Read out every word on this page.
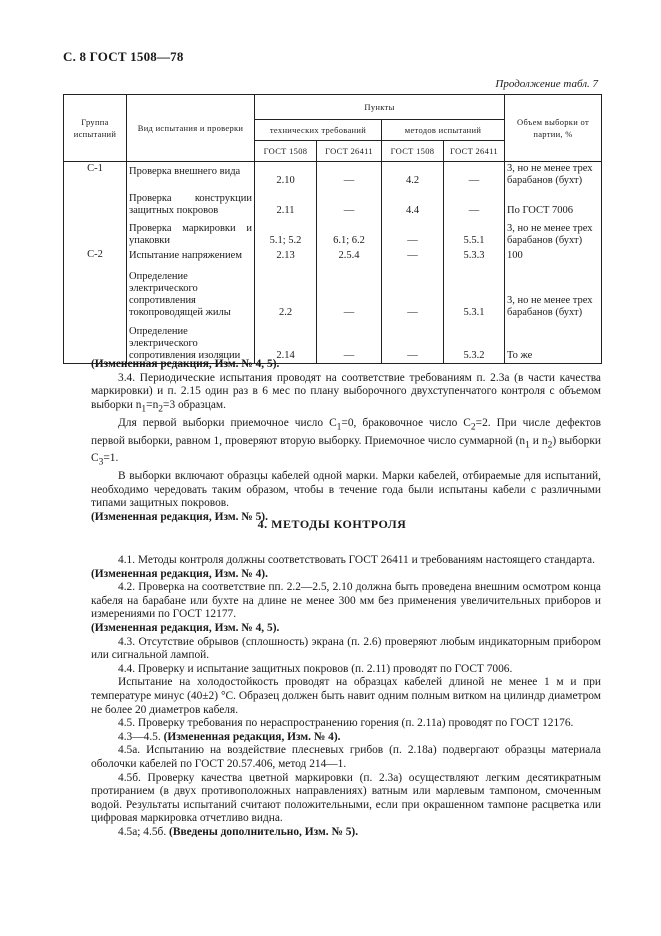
С. 8 ГОСТ 1508—78
Продолжение табл. 7
Группа испытаний	Вид испытания и проверки	Пункты				Объем выборки от партии, %
		технических требований		методов испытаний		
		ГОСТ 1508	ГОСТ 26411	ГОСТ 1508	ГОСТ 26411	
С-1	Проверка внешнего вида	2.10	—	4.2	—	3, но не менее трех барабанов (бухт)
	Проверка конструкции защитных покровов	2.11	—	4.4	—	По ГОСТ 7006
	Проверка маркировки и упаковки	5.1; 5.2	6.1; 6.2	—	5.5.1	3, но не менее трех барабанов (бухт)
С-2	Испытание напряжением	2.13	2.5.4	—	5.3.3	100
	Определение электрического сопротивления токопроводящей жилы	2.2	—	—	5.3.1	3, но не менее трех барабанов (бухт)
	Определение электрического сопротивления изоляции	2.14	—	—	5.3.2	То же

(Измененная редакция, Изм. № 4, 5).

3.4. Периодические испытания проводят на соответствие требованиям п. 2.3а (в части качества маркировки) и п. 2.15 один раз в 6 мес по плану выборочного двухступенчатого контроля с объемом выборки $n_1=n_2=3$ образцам.

Для первой выборки приемочное число $C_1=0$, браковочное число $C_2=2$. При числе дефектов первой выборки, равном 1, проверяют вторую выборку. Приемочное число суммарной ($n_1$ и $n_2$) выборки $C_3=1$.

В выборки включают образцы кабелей одной марки. Марки кабелей, отбираемые для испытаний, необходимо чередовать таким образом, чтобы в течение года были испытаны кабели с различными типами защитных покровов.

(Измененная редакция, Изм. № 5).

4. МЕТОДЫ КОНТРОЛЯ

4.1. Методы контроля должны соответствовать ГОСТ 26411 и требованиям настоящего стандарта.

(Измененная редакция, Изм. № 4).

4.2. Проверка на соответствие пп. 2.2—2.5, 2.10 должна быть проведена внешним осмотром конца кабеля на барабане или бухте на длине не менее 300 мм без применения увеличительных приборов и измерениями по ГОСТ 12177.

(Измененная редакция, Изм. № 4, 5).

4.3. Отсутствие обрывов (сплошность) экрана (п. 2.6) проверяют любым индикаторным прибором или сигнальной лампой.

4.4. Проверку и испытание защитных покровов (п. 2.11) проводят по ГОСТ 7006.

Испытание на холодостойкость проводят на образцах кабелей длиной не менее 1 м и при температуре минус (40±2) °С. Образец должен быть навит одним полным витком на цилиндр диаметром не более 20 диаметров кабеля.

4.5. Проверку требования по нераспространению горения (п. 2.11а) проводят по ГОСТ 12176.

4.3—4.5. (Измененная редакция, Изм. № 4).

4.5а. Испытанию на воздействие плесневых грибов (п. 2.18а) подвергают образцы материала оболочки кабелей по ГОСТ 20.57.406, метод 214—1.

4.5б. Проверку качества цветной маркировки (п. 2.3а) осуществляют легким десятикратным протиранием (в двух противоположных направлениях) ватным или марлевым тампоном, смоченным водой. Результаты испытаний считают положительными, если при окрашенном тампоне расцветка или цифровая маркировка отчетливо видна.

4.5а; 4.5б. (Введены дополнительно, Изм. № 5).
